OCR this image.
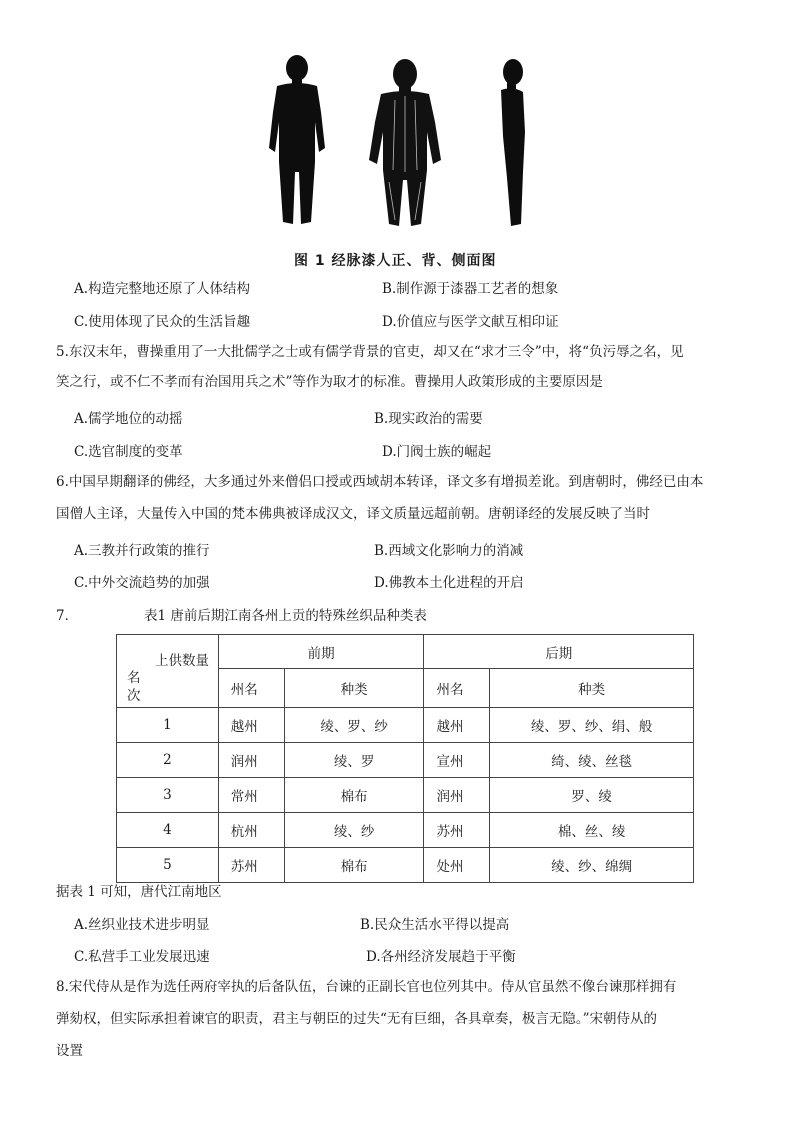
图 1 经脉漆人正、背、侧面图
A.构造完整地还原了人体结构	B.制作源于漆器工艺者的想象
C.使用体现了民众的生活旨趣	D.价值应与医学文献互相印证
5.东汉末年，曹操重用了一大批儒学之士或有儒学背景的官吏，却又在“求才三令”中，将“负污辱之名，见
笑之行，或不仁不孝而有治国用兵之术”等作为取才的标准。曹操用人政策形成的主要原因是
A.儒学地位的动摇	B.现实政治的需要
C.选官制度的变革	D.门阀士族的崛起
6.中国早期翻译的佛经，大多通过外来僧侣口授或西域胡本转译，译文多有增损差讹。到唐朝时，佛经已由本
国僧人主译，大量传入中国的梵本佛典被译成汉文，译文质量远超前朝。唐朝译经的发展反映了当时
A.三教并行政策的推行	B.西域文化影响力的消减
C.中外交流趋势的加强	D.佛教本土化进程的开启
7．	表1 唐前后期江南各州上贡的特殊丝织品种类表
上供数量
名
次	前期		后期	
	州名	种类	州名	种类
1	越州	绫、罗、纱	越州	绫、罗、纱、绢、般
2	润州	绫、罗	宣州	绮、绫、丝毯
3	常州	棉布	润州	罗、绫
4	杭州	绫、纱	苏州	棉、丝、绫
5	苏州	棉布	处州	绫、纱、绵绸
据表 1 可知，唐代江南地区
A.丝织业技术进步明显	B.民众生活水平得以提高
C.私营手工业发展迅速	D.各州经济发展趋于平衡
8.宋代侍从是作为选任两府宰执的后备队伍，台谏的正副长官也位列其中。侍从官虽然不像台谏那样拥有
弹劾权，但实际承担着谏官的职责，君主与朝臣的过失“无有巨细，各具章奏，极言无隐。”宋朝侍从的
设置
